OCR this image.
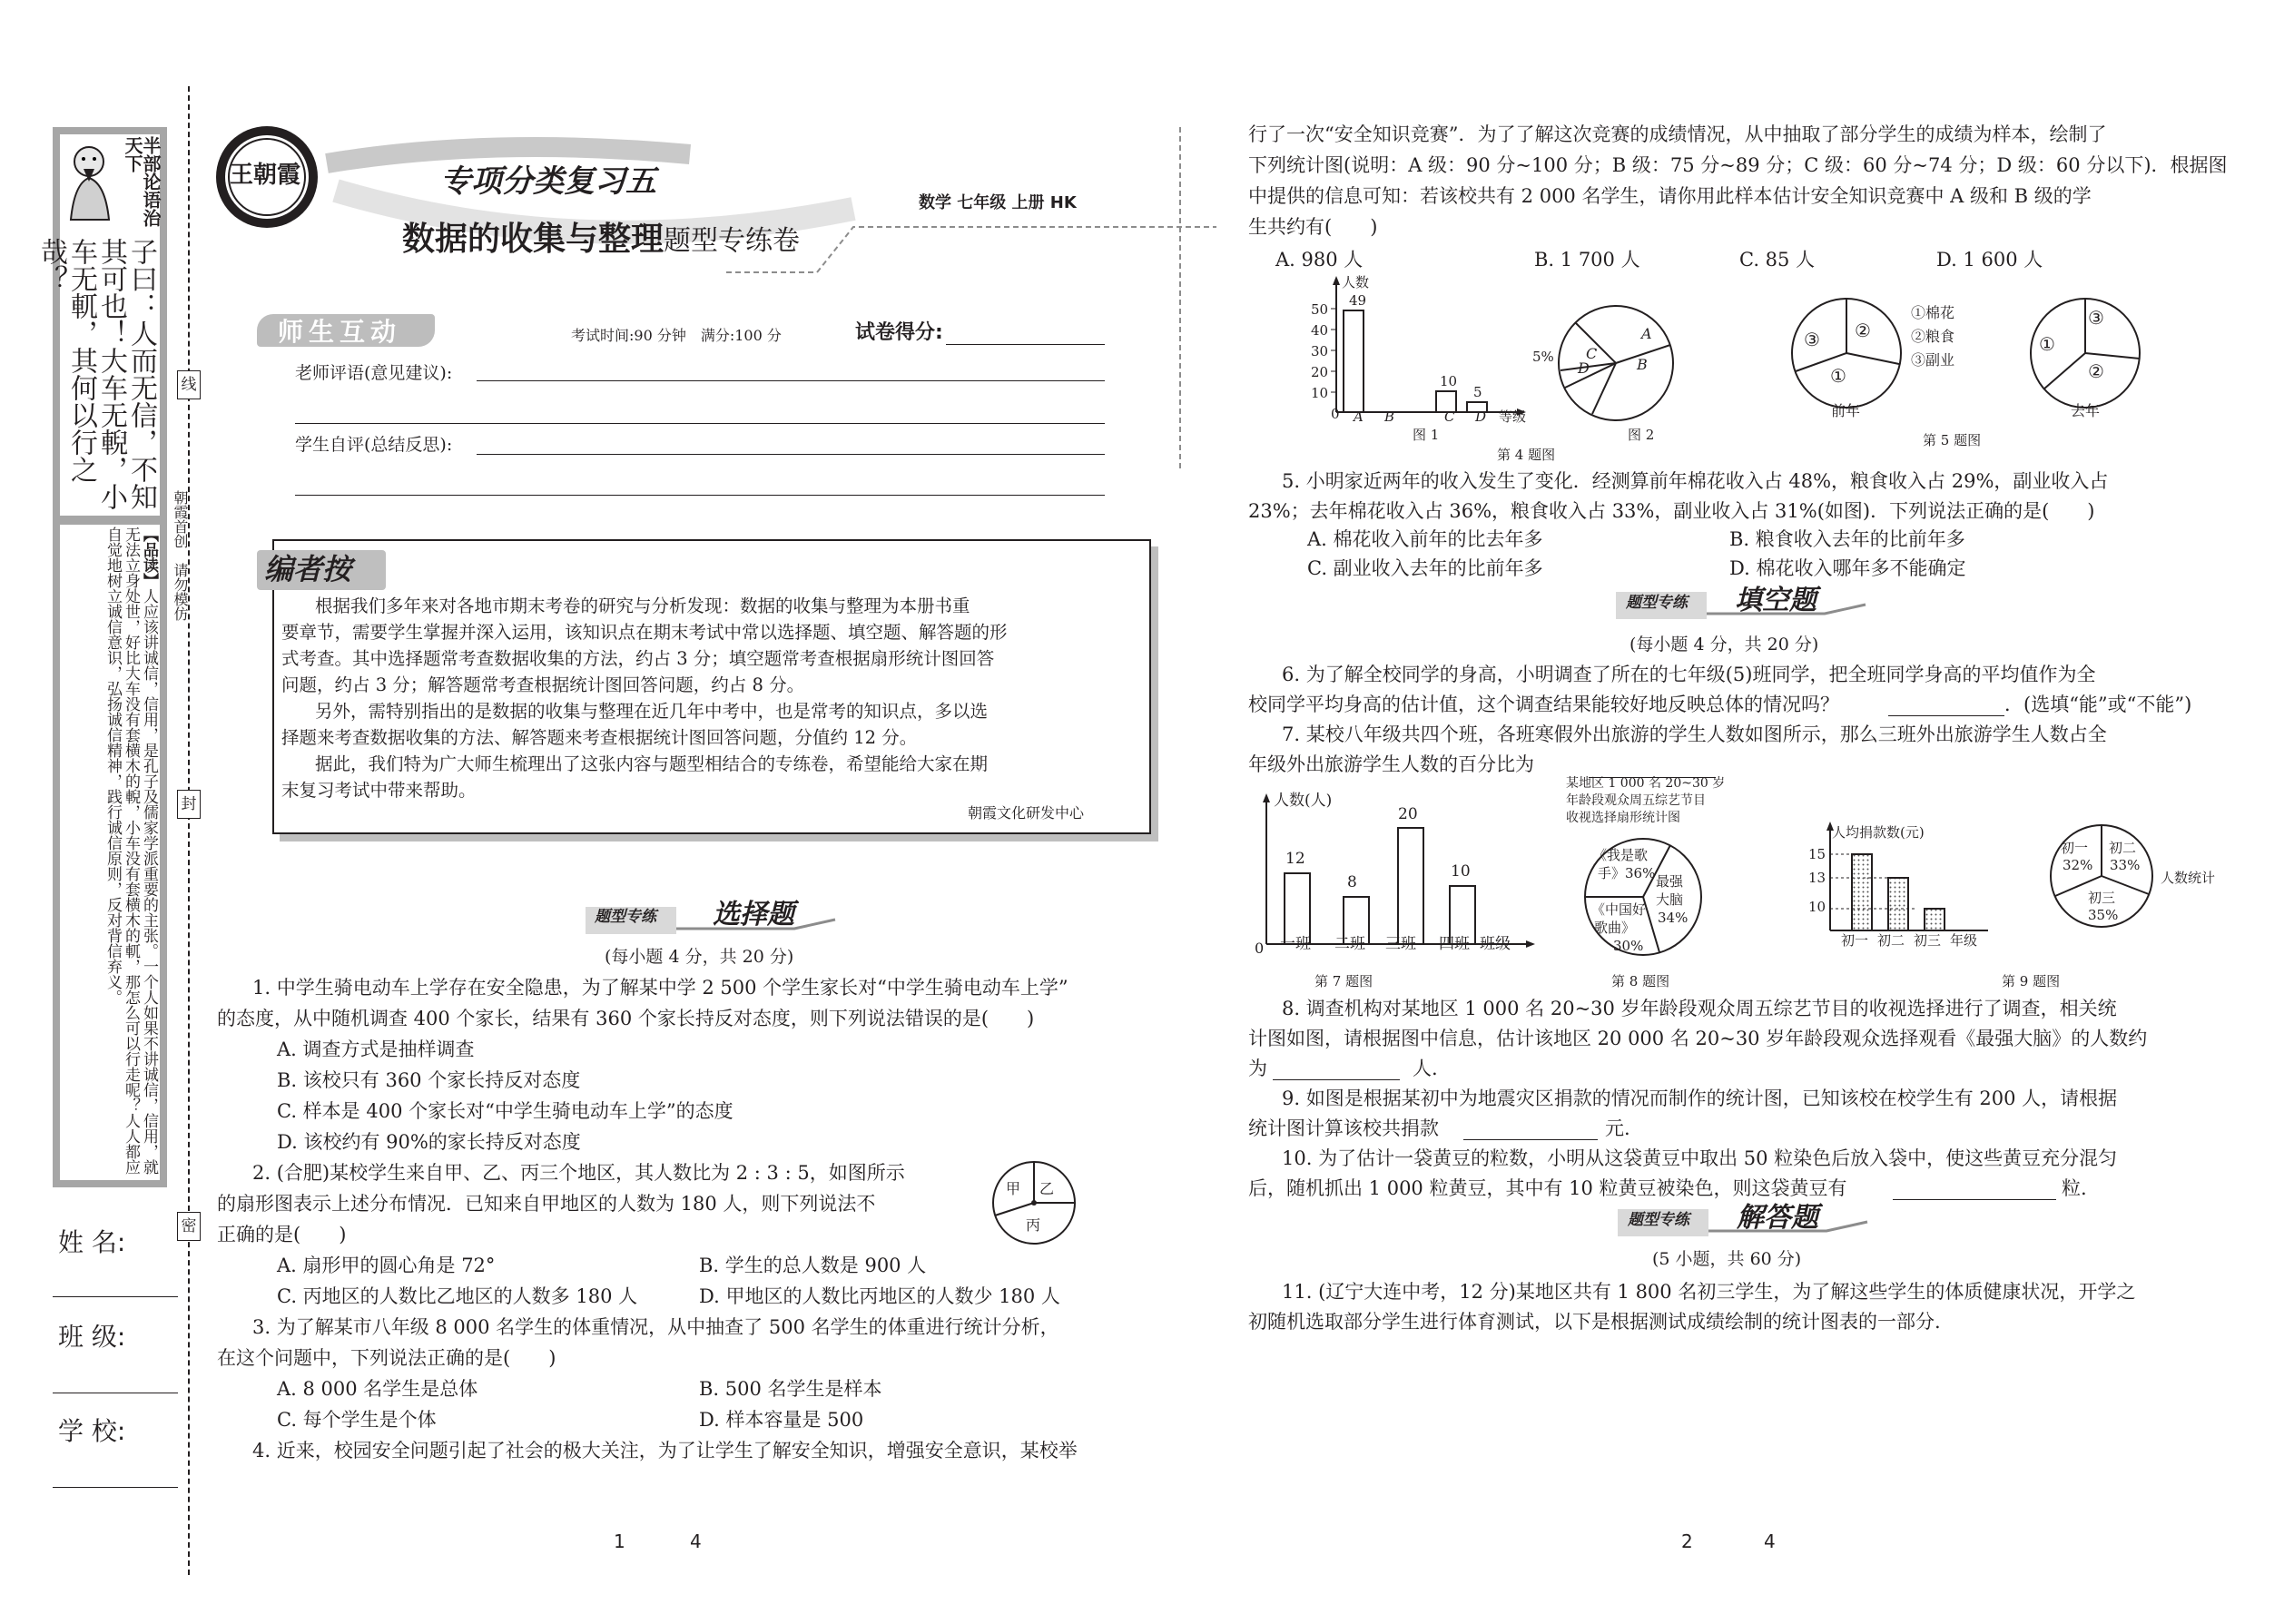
半部论语治天下
子曰：人而无信，不知其可也！大车无輗，小车无軏，其何以行之哉？
【品读】人应该讲诚信，信用，是孔子及儒家学派重要的主张。一个人如果不讲诚信，信用，就无法立身处世，好比大车没有套横木的輗，小车没有套横木的軏，那怎么可以行走呢？人人都应自觉地树立诚信意识，弘扬诚信精神，践行诚信原则，反对背信弃义。
姓 名:
班 级:
学 校:
线
封
密
朝霞首创　请勿模仿
王朝霞	专项分类复习五
数据的收集与整理题型专练卷
数学 七年级 上册 HK
师生互动	考试时间:90 分钟　满分:100 分	试卷得分:
老师评语(意见建议):
学生自评(总结反思):
编者按
根据我们多年来对各地市期末考卷的研究与分析发现：数据的收集与整理为本册书重
要章节，需要学生掌握并深入运用，该知识点在期末考试中常以选择题、填空题、解答题的形
式考查。其中选择题常考查数据收集的方法，约占 3 分；填空题常考查根据扇形统计图回答
问题，约占 3 分；解答题常考查根据统计图回答问题，约占 8 分。
另外，需特别指出的是数据的收集与整理在近几年中考中，也是常考的知识点，多以选
择题来考查数据收集的方法、解答题来考查根据统计图回答问题，分值约 12 分。
据此，我们特为广大师生梳理出了这张内容与题型相结合的专练卷，希望能给大家在期
末复习考试中带来帮助。
朝霞文化研发中心
题型专练 选择题
(每小题 4 分，共 20 分)
1. 中学生骑电动车上学存在安全隐患，为了解某中学 2 500 个学生家长对“中学生骑电动车上学”
的态度，从中随机调查 400 个家长，结果有 360 个家长持反对态度，则下列说法错误的是(　　)
A. 调查方式是抽样调查
B. 该校只有 360 个家长持反对态度
C. 样本是 400 个家长对“中学生骑电动车上学”的态度
D. 该校约有 90%的家长持反对态度
2. (合肥)某校学生来自甲、乙、丙三个地区，其人数比为 2 : 3 : 5，如图所示
的扇形图表示上述分布情况．已知来自甲地区的人数为 180 人，则下列说法不
正确的是(　　)
甲 乙
丙
A. 扇形甲的圆心角是 72°	B. 学生的总人数是 900 人
C. 丙地区的人数比乙地区的人数多 180 人	D. 甲地区的人数比丙地区的人数少 180 人
3. 为了解某市八年级 8 000 名学生的体重情况，从中抽查了 500 名学生的体重进行统计分析，
在这个问题中，下列说法正确的是(　　)
A. 8 000 名学生是总体	B. 500 名学生是样本
C. 每个学生是个体	D. 样本容量是 500
4. 近来，校园安全问题引起了社会的极大关注，为了让学生了解安全知识，增强安全意识，某校举
1	4
行了一次“安全知识竞赛”．为了了解这次竞赛的成绩情况，从中抽取了部分学生的成绩为样本，绘制了
下列统计图(说明：A 级：90 分~100 分；B 级：75 分~89 分；C 级：60 分~74 分；D 级：60 分以下)．根据图
中提供的信息可知：若该校共有 2 000 名学生，请你用此样本估计安全知识竞赛中 A 级和 B 级的学
生共约有(　　)
A. 980 人	B. 1 700 人	C. 85 人	D. 1 600 人
人数
50
40
30
20
10
0
49
10
5
A B	C D 等级
图 1
A
B
C
D
5%
图 2
第 4 题图
②
③
①
①棉花
②粮食
③副业
前年
③
①
②
去年
第 5 题图
5. 小明家近两年的收入发生了变化．经测算前年棉花收入占 48%，粮食收入占 29%，副业收入占
23%；去年棉花收入占 36%，粮食收入占 33%，副业收入占 31%(如图)．下列说法正确的是(　　)
A. 棉花收入前年的比去年多	B. 粮食收入去年的比前年多
C. 副业收入去年的比前年多	D. 棉花收入哪年多不能确定
题型专练 填空题
(每小题 4 分，共 20 分)
6. 为了解全校同学的身高，小明调查了所在的七年级(5)班同学，把全班同学身高的平均值作为全
校同学平均身高的估计值，这个调查结果能较好地反映总体的情况吗？	．(选填“能”或“不能”)
7. 某校八年级共四个班，各班寒假外出旅游的学生人数如图所示，那么三班外出旅游学生人数占全
年级外出旅游学生人数的百分比为
人数(人)
12
8
20
10
0 一班 二班 三班 四班 班级
第 7 题图
某地区 1 000 名 20~30 岁
年龄段观众周五综艺节目
收视选择扇形统计图
《我是歌
手》36% 最强
大脑
34%
《中国好
歌曲》
30%
第 8 题图
人均捐款数(元)
15
13
10
初一 初二 初三 年级
初一
32%
初二
33%
初三
35%
人数统计
第 9 题图
8. 调查机构对某地区 1 000 名 20~30 岁年龄段观众周五综艺节目的收视选择进行了调查，相关统
计图如图，请根据图中信息，估计该地区 20 000 名 20~30 岁年龄段观众选择观看《最强大脑》的人数约
为	人.
9. 如图是根据某初中为地震灾区捐款的情况而制作的统计图，已知该校在校学生有 200 人，请根据
统计图计算该校共捐款	元.
10. 为了估计一袋黄豆的粒数，小明从这袋黄豆中取出 50 粒染色后放入袋中，使这些黄豆充分混匀
后，随机抓出 1 000 粒黄豆，其中有 10 粒黄豆被染色，则这袋黄豆有	粒.
题型专练 解答题
(5 小题，共 60 分)
11. (辽宁大连中考，12 分)某地区共有 1 800 名初三学生，为了解这些学生的体质健康状况，开学之
初随机选取部分学生进行体育测试，以下是根据测试成绩绘制的统计图表的一部分.
2	4
